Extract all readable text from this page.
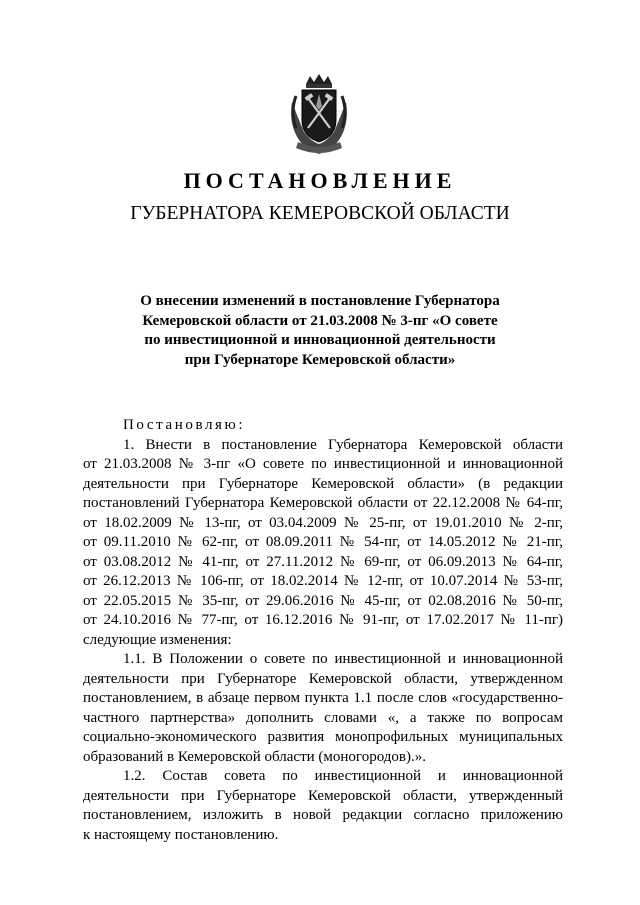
ПОСТАНОВЛЕНИЕ
ГУБЕРНАТОРА КЕМЕРОВСКОЙ ОБЛАСТИ
О внесении изменений в постановление Губернатора
Кемеровской области от 21.03.2008 № 3-пг «О совете
по инвестиционной и инновационной деятельности
при Губернаторе Кемеровской области»
Постановляю:
1. Внести в постановление Губернатора Кемеровской области
от 21.03.2008 № 3-пг «О совете по инвестиционной и инновационной
деятельности при Губернаторе Кемеровской области» (в редакции
постановлений Губернатора Кемеровской области от 22.12.2008 № 64-пг,
от 18.02.2009 № 13-пг, от 03.04.2009 № 25-пг, от 19.01.2010 № 2-пг,
от 09.11.2010 № 62-пг, от 08.09.2011 № 54-пг, от 14.05.2012 № 21-пг,
от 03.08.2012 № 41-пг, от 27.11.2012 № 69-пг, от 06.09.2013 № 64-пг,
от 26.12.2013 № 106-пг, от 18.02.2014 № 12-пг, от 10.07.2014 № 53-пг,
от 22.05.2015 № 35-пг, от 29.06.2016 № 45-пг, от 02.08.2016 № 50-пг,
от 24.10.2016 № 77-пг, от 16.12.2016 № 91-пг, от 17.02.2017 № 11-пг)
следующие изменения:
1.1. В Положении о совете по инвестиционной и инновационной
деятельности при Губернаторе Кемеровской области, утвержденном
постановлением, в абзаце первом пункта 1.1 после слов «государственно-
частного партнерства» дополнить словами «, а также по вопросам
социально-экономического развития монопрофильных муниципальных
образований в Кемеровской области (моногородов).».
1.2. Состав совета по инвестиционной и инновационной
деятельности при Губернаторе Кемеровской области, утвержденный
постановлением, изложить в новой редакции согласно приложению
к настоящему постановлению.
